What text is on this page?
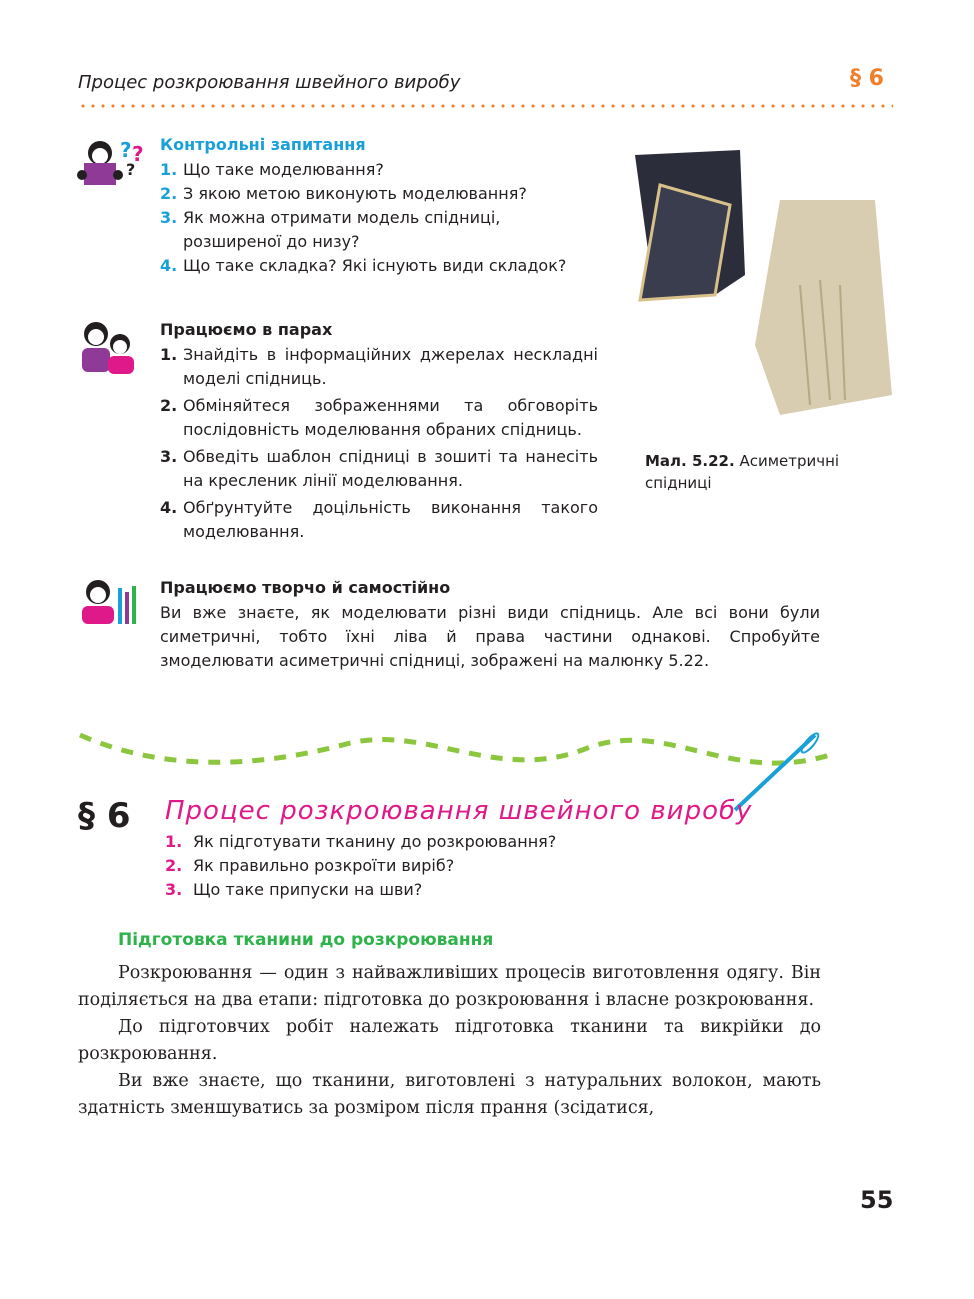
Процес розкроювання швейного виробу	§ 6
? ?
?
Контрольні запитання
1. Що таке моделювання?
2. З якою метою виконують моделювання?
3. Як можна отримати модель спідниці, розширеної до низу?
4. Що таке складка? Які існують види складок?
Працюємо в парах
1. Знайдіть в інформаційних джерелах нескладні моделі спідниць.
2. Обміняйтеся зображеннями та обговоріть послідовність моделювання обраних спідниць.
3. Обведіть шаблон спідниці в зошиті та нанесіть на кресленик лінії моделювання.
4. Обґрунтуйте доцільність виконання такого моделювання.
Працюємо творчо й самостійно

Ви вже знаєте, як моделювати різні види спідниць. Але всі вони були симетричні, тобто їхні ліва й права частини однакові. Спробуйте змоделювати асиметричні спідниці, зображені на малюнку 5.22.

Мал. 5.22. Асиметричні спідниці
§ 6 Процес розкроювання швейного виробу
1. Як підготувати тканину до розкроювання?
2. Як правильно розкроїти виріб?
3. Що таке припуски на шви?
Підготовка тканини до розкроювання

Розкроювання — один з найважливіших процесів виготовлення одягу. Він поділяється на два етапи: підготовка до розкроювання і власне розкроювання.

До підготовчих робіт належать підготовка тканини та викрійки до розкроювання.

Ви вже знаєте, що тканини, виготовлені з натуральних волокон, мають здатність зменшуватись за розміром після прання (зсідатися,

55
